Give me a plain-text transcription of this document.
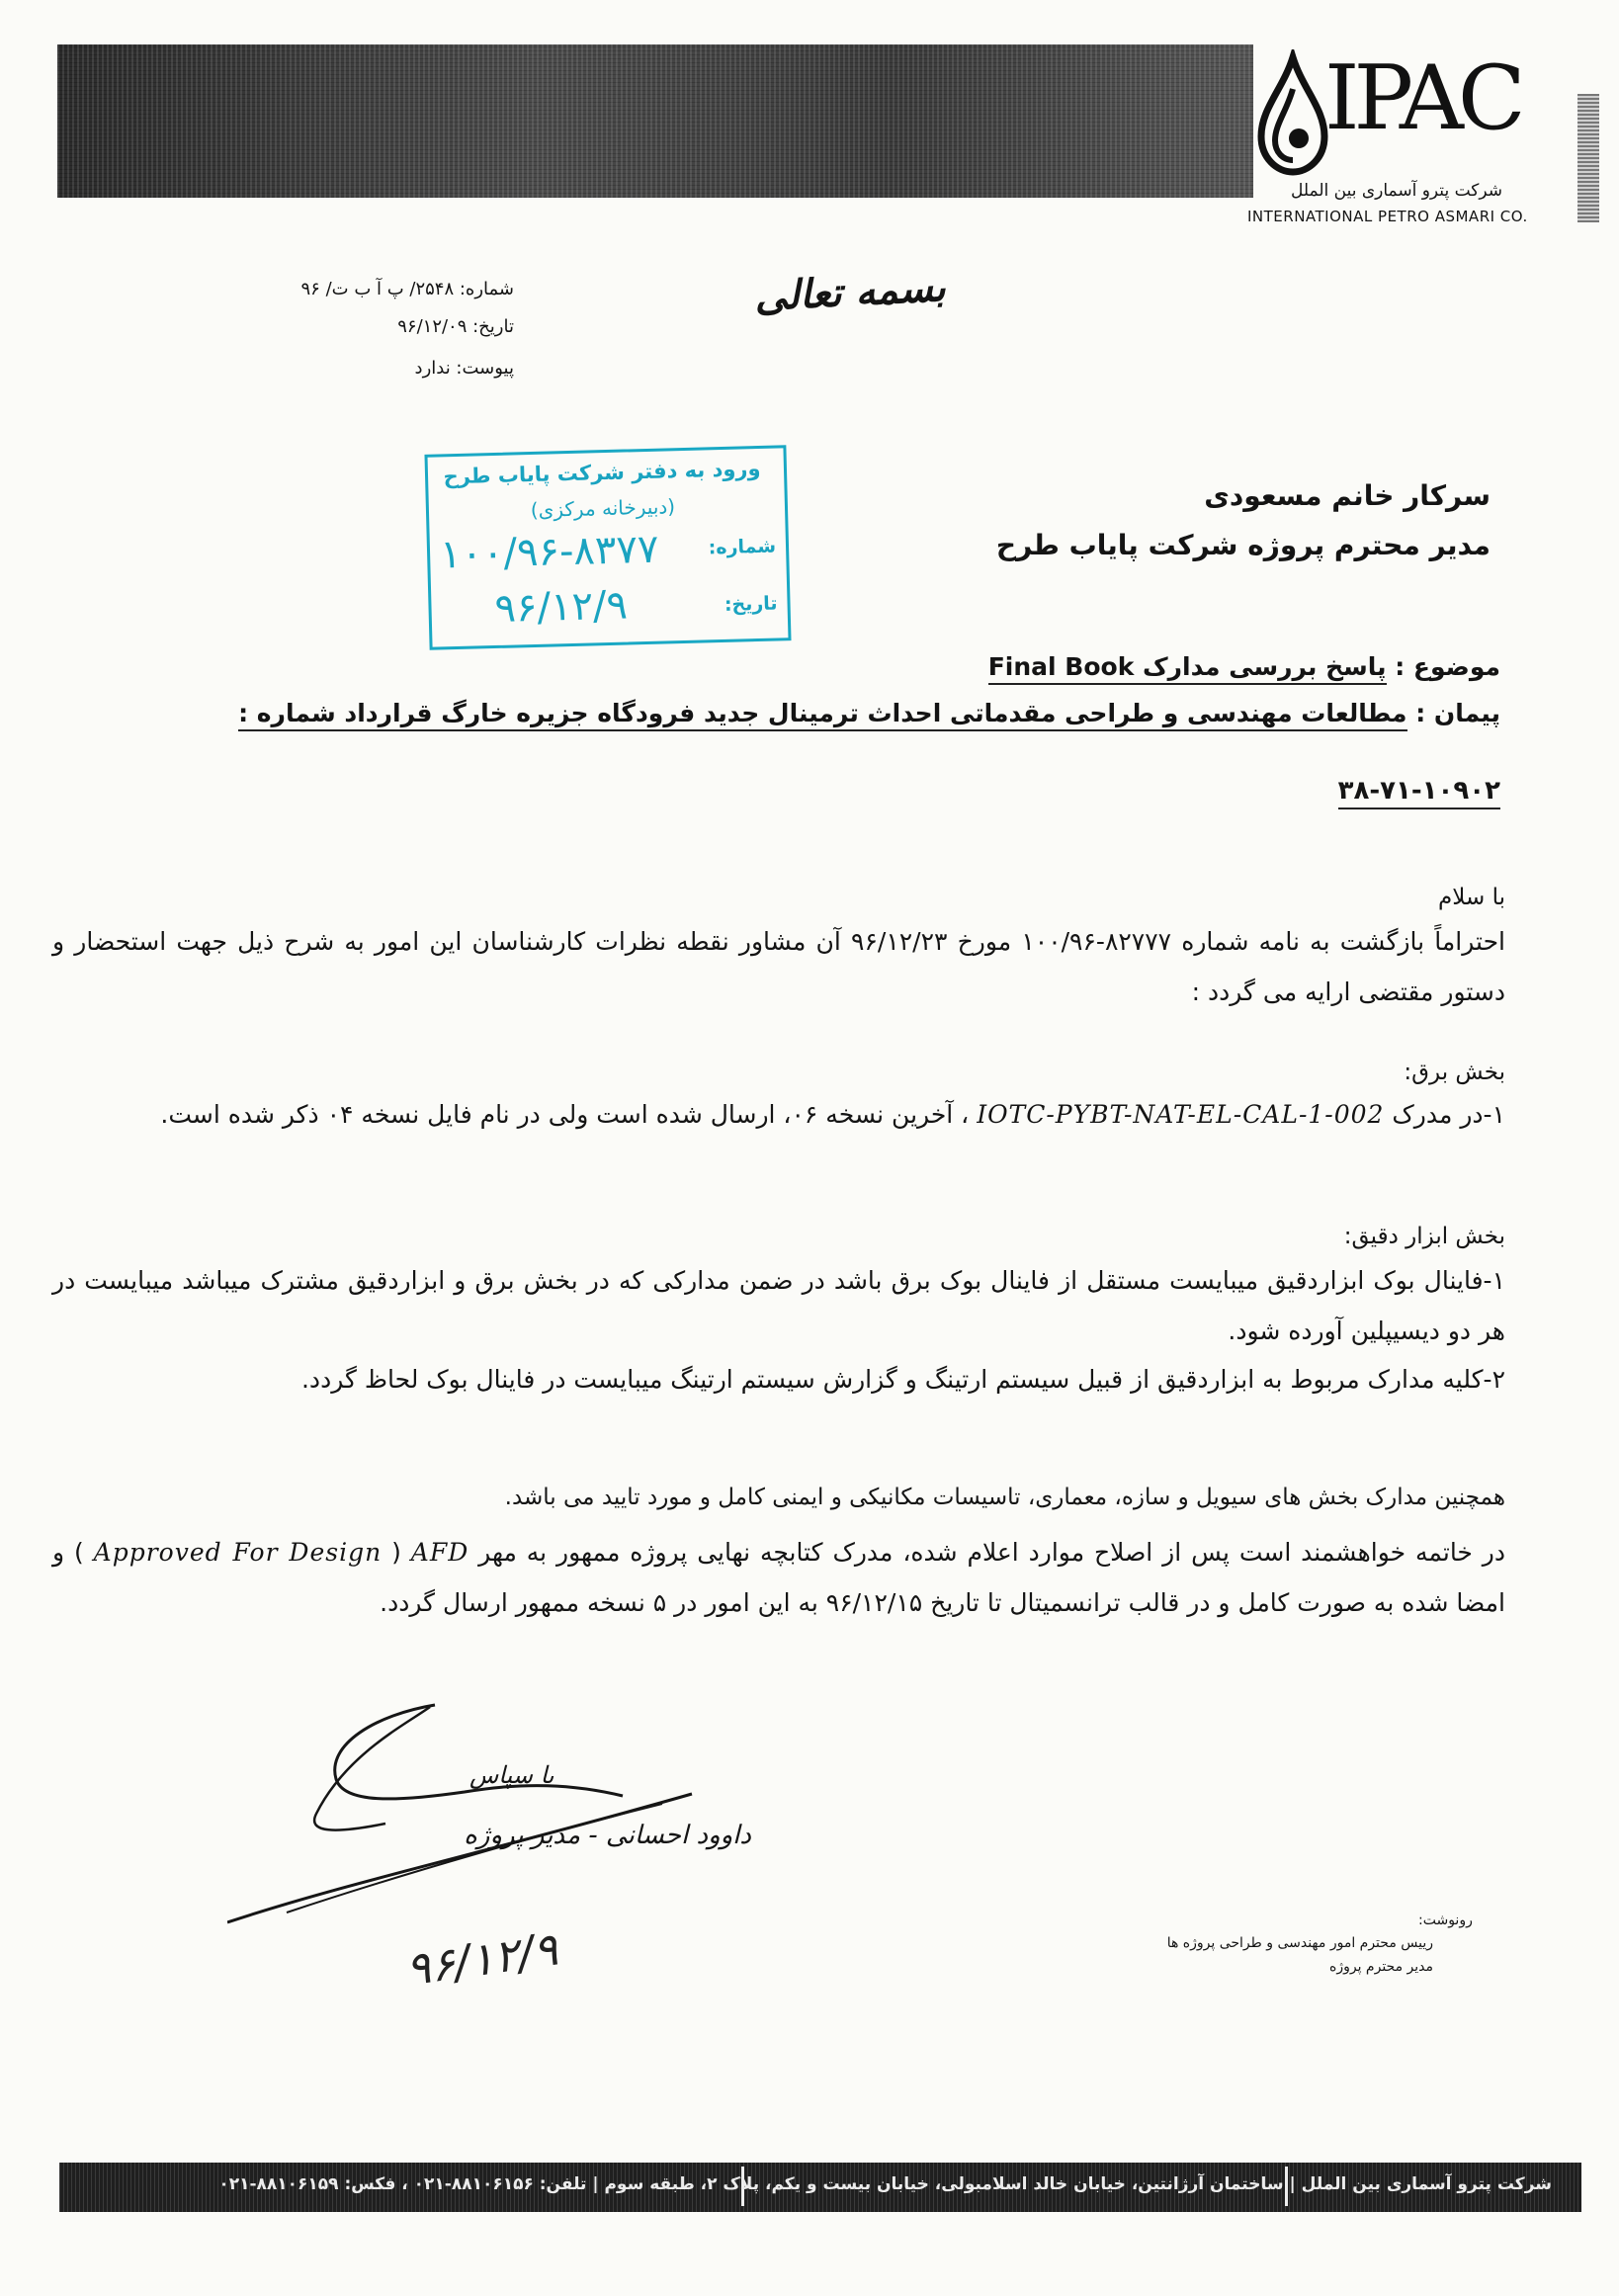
IPAC
شرکت پترو آسماری بین الملل
INTERNATIONAL PETRO ASMARI CO.
شماره: ۲۵۴۸/ پ آ ب ت/ ۹۶
تاریخ: ۹۶/۱۲/۰۹
پیوست: ندارد
بسمه تعالی
ورود به دفتر شرکت پایاب طرح
(دبیرخانه مرکزی)
شماره:
۱۰۰/۹۶-۸۳۷۷
تاریخ:
۹۶/۱۲/۹
سرکار خانم مسعودی
مدیر محترم پروژه شرکت پایاب طرح
موضوع : پاسخ بررسی مدارک Final Book
پیمان : مطالعات مهندسی و طراحی مقدماتی احداث ترمینال جدید فرودگاه جزیره خارگ قرارداد شماره :
۳۸-۷۱-۱۰۹۰۲
با سلام
احتراماً بازگشت به نامه شماره ۸۲۷۷۷-۱۰۰/۹۶ مورخ ۹۶/۱۲/۲۳ آن مشاور نقطه نظرات کارشناسان این امور به شرح ذیل جهت استحضار و دستور مقتضی ارایه می گردد :
بخش برق:
۱-در مدرک IOTC-PYBT-NAT-EL-CAL-1-002 ، آخرین نسخه ۰۶، ارسال شده است ولی در نام فایل نسخه ۰۴ ذکر شده است.
بخش ابزار دقیق:
۱-فاینال بوک ابزاردقیق میبایست مستقل از فاینال بوک برق باشد در ضمن مدارکی که در بخش برق و ابزاردقیق مشترک میباشد میبایست در هر دو دیسیپلین آورده شود.
۲-کلیه مدارک مربوط به ابزاردقیق از قبیل سیستم ارتینگ و گزارش سیستم ارتینگ میبایست در فاینال بوک لحاظ گردد.
همچنین مدارک بخش های سیویل و سازه، معماری، تاسیسات مکانیکی و ایمنی کامل و مورد تایید می باشد.
در خاتمه خواهشمند است پس از اصلاح موارد اعلام شده، مدرک کتابچه نهایی پروژه ممهور به مهر AFD ( Approved For Design ) و امضا شده به صورت کامل و در قالب ترانسمیتال تا تاریخ ۹۶/۱۲/۱۵ به این امور در ۵ نسخه ممهور ارسال گردد.
با سپاس
داوود احسانی - مدیر پروژه
۹۶/۱۲/۹
رونوشت:
رییس محترم امور مهندسی و طراحی پروژه ها
مدیر محترم پروژه
شرکت پترو آسماری بین الملل | ساختمان آرژانتین، خیابان خالد اسلامبولی، خیابان بیست و یکم، پلاک ۲، طبقه سوم | تلفن: ۸۸۱۰۶۱۵۶-۰۲۱ ، فکس: ۸۸۱۰۶۱۵۹-۰۲۱
